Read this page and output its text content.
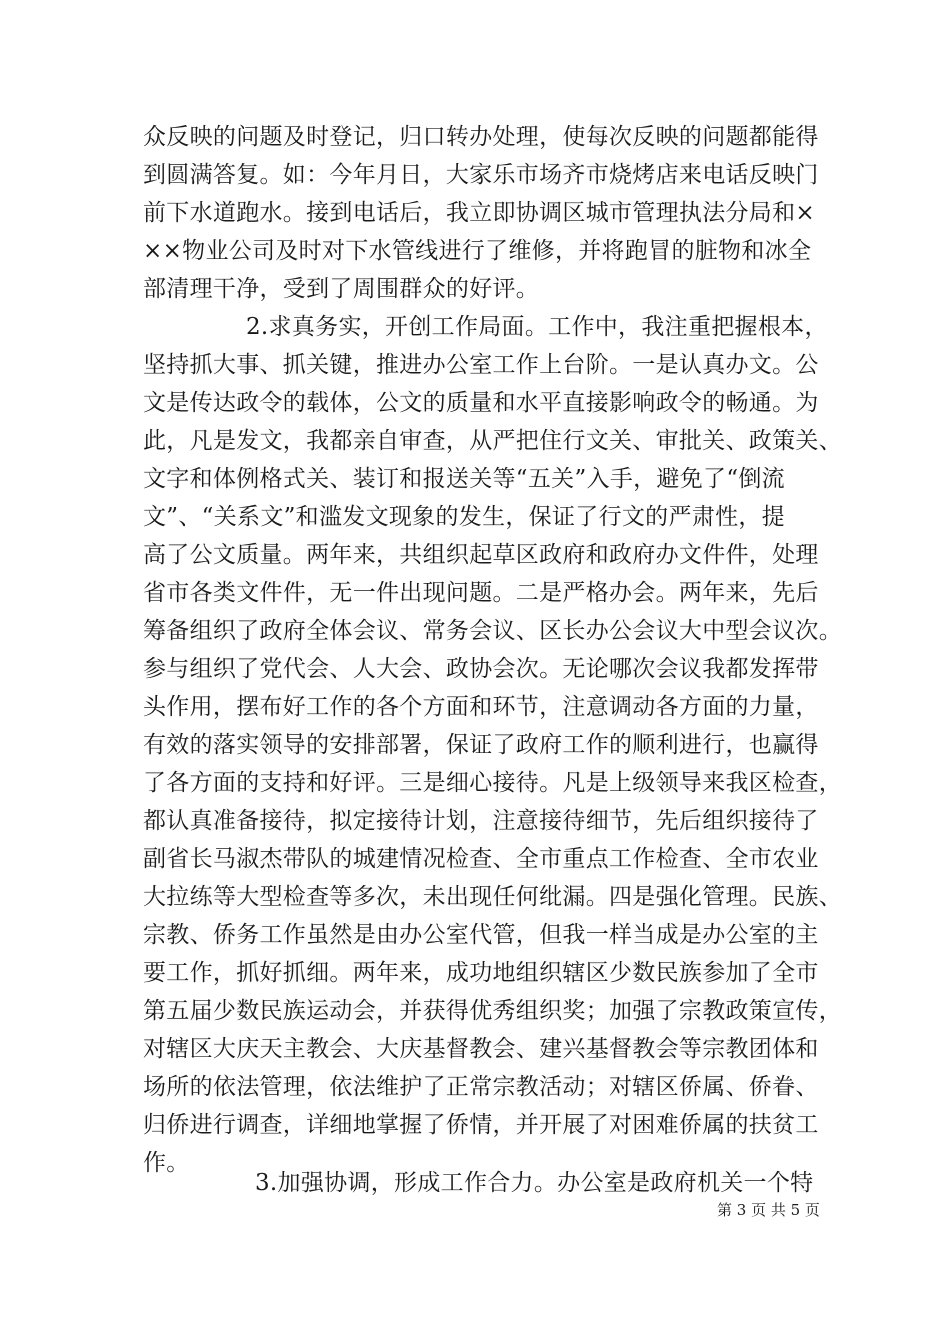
众反映的问题及时登记，归口转办处理，使每次反映的问题都能得
到圆满答复。如：今年月日，大家乐市场齐市烧烤店来电话反映门
前下水道跑水。接到电话后，我立即协调区城市管理执法分局和×
××物业公司及时对下水管线进行了维修，并将跑冒的脏物和冰全
部清理干净，受到了周围群众的好评。
2.求真务实，开创工作局面。工作中，我注重把握根本，
坚持抓大事、抓关键，推进办公室工作上台阶。一是认真办文。公
文是传达政令的载体，公文的质量和水平直接影响政令的畅通。为
此，凡是发文，我都亲自审查，从严把住行文关、审批关、政策关、
文字和体例格式关、装订和报送关等“五关”入手，避免了“倒流
文”、“关系文”和滥发文现象的发生，保证了行文的严肃性，提
高了公文质量。两年来，共组织起草区政府和政府办文件件，处理
省市各类文件件，无一件出现问题。二是严格办会。两年来，先后
筹备组织了政府全体会议、常务会议、区长办公会议大中型会议次。
参与组织了党代会、人大会、政协会次。无论哪次会议我都发挥带
头作用，摆布好工作的各个方面和环节，注意调动各方面的力量，
有效的落实领导的安排部署，保证了政府工作的顺利进行，也赢得
了各方面的支持和好评。三是细心接待。凡是上级领导来我区检查，
都认真准备接待，拟定接待计划，注意接待细节，先后组织接待了
副省长马淑杰带队的城建情况检查、全市重点工作检查、全市农业
大拉练等大型检查等多次，未出现任何纰漏。四是强化管理。民族、
宗教、侨务工作虽然是由办公室代管，但我一样当成是办公室的主
要工作，抓好抓细。两年来，成功地组织辖区少数民族参加了全市
第五届少数民族运动会，并获得优秀组织奖；加强了宗教政策宣传，
对辖区大庆天主教会、大庆基督教会、建兴基督教会等宗教团体和
场所的依法管理，依法维护了正常宗教活动；对辖区侨属、侨眷、
归侨进行调查，详细地掌握了侨情，并开展了对困难侨属的扶贫工
作。
3.加强协调，形成工作合力。办公室是政府机关一个特
第 3 页 共 5 页
